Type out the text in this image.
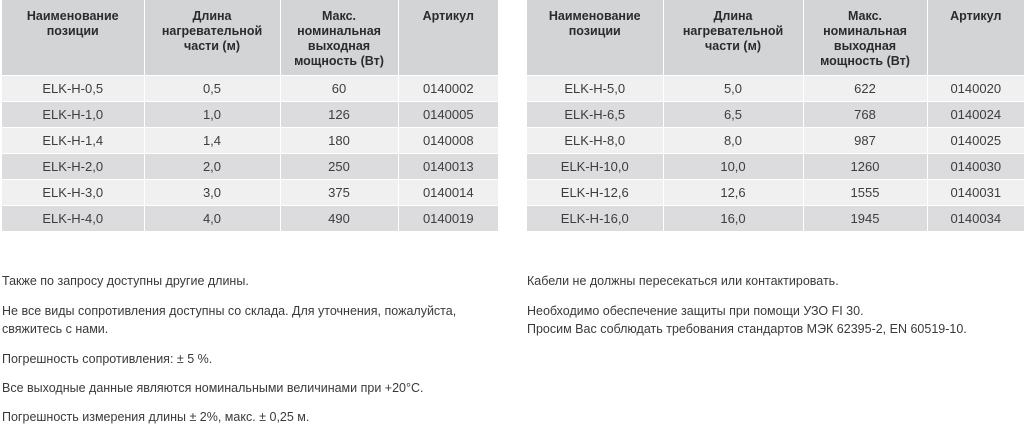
Наименование позиции	Длина нагревательной части (м)	Макс. номинальная выходная мощность (Вт)	Артикул
ELK-H-0,5	0,5	60	0140002
ELK-H-1,0	1,0	126	0140005
ELK-H-1,4	1,4	180	0140008
ELK-H-2,0	2,0	250	0140013
ELK-H-3,0	3,0	375	0140014
ELK-H-4,0	4,0	490	0140019
Наименование позиции	Длина нагревательной части (м)	Макс. номинальная выходная мощность (Вт)	Артикул
ELK-H-5,0	5,0	622	0140020
ELK-H-6,5	6,5	768	0140024
ELK-H-8,0	8,0	987	0140025
ELK-H-10,0	10,0	1260	0140030
ELK-H-12,6	12,6	1555	0140031
ELK-H-16,0	16,0	1945	0140034

Также по запросу доступны другие длины.

Не все виды сопротивления доступны со склада. Для уточнения, пожалуйста, свяжитесь с нами.

Погрешность сопротивления: ± 5 %.

Все выходные данные являются номинальными величинами при +20°C.

Погрешность измерения длины ± 2%, макс. ± 0,25 м.

Кабели не должны пересекаться или контактировать.

Необходимо обеспечение защиты при помощи УЗО FI 30.

Просим Вас соблюдать требования стандартов МЭК 62395-2, EN 60519-10.
